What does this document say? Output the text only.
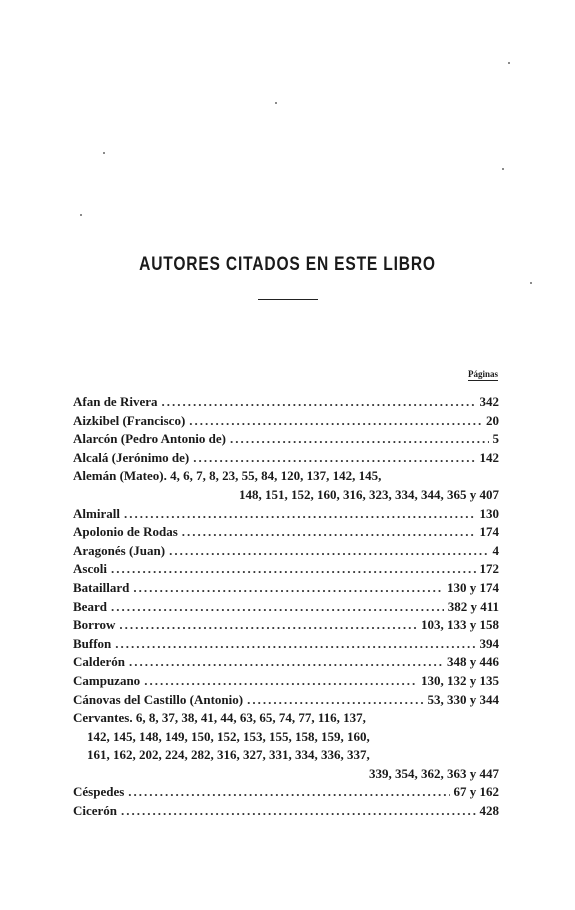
AUTORES CITADOS EN ESTE LIBRO
Páginas
Afan de Rivera .....	342
Aizkibel (Francisco) .....	20
Alarcón (Pedro Antonio de) .....	5
Alcalá (Jerónimo de) .....	142
Alemán (Mateo). 4, 6, 7, 8, 23, 55, 84, 120, 137, 142, 145,
148, 151, 152, 160, 316, 323, 334, 344, 365 y 407
Almirall .....	130
Apolonio de Rodas .....	174
Aragonés (Juan) .....	4
Ascoli .....	172
Bataillard .....	130 y 174
Beard .....	382 y 411
Borrow .....	103, 133 y 158
Buffon .....	394
Calderón .....	348 y 446
Campuzano .....	130, 132 y 135
Cánovas del Castillo (Antonio) .....	53, 330 y 344
Cervantes. 6, 8, 37, 38, 41, 44, 63, 65, 74, 77, 116, 137,
142, 145, 148, 149, 150, 152, 153, 155, 158, 159, 160,
161, 162, 202, 224, 282, 316, 327, 331, 334, 336, 337,
339, 354, 362, 363 y 447
Céspedes .....	67 y 162
Cicerón .....	428
